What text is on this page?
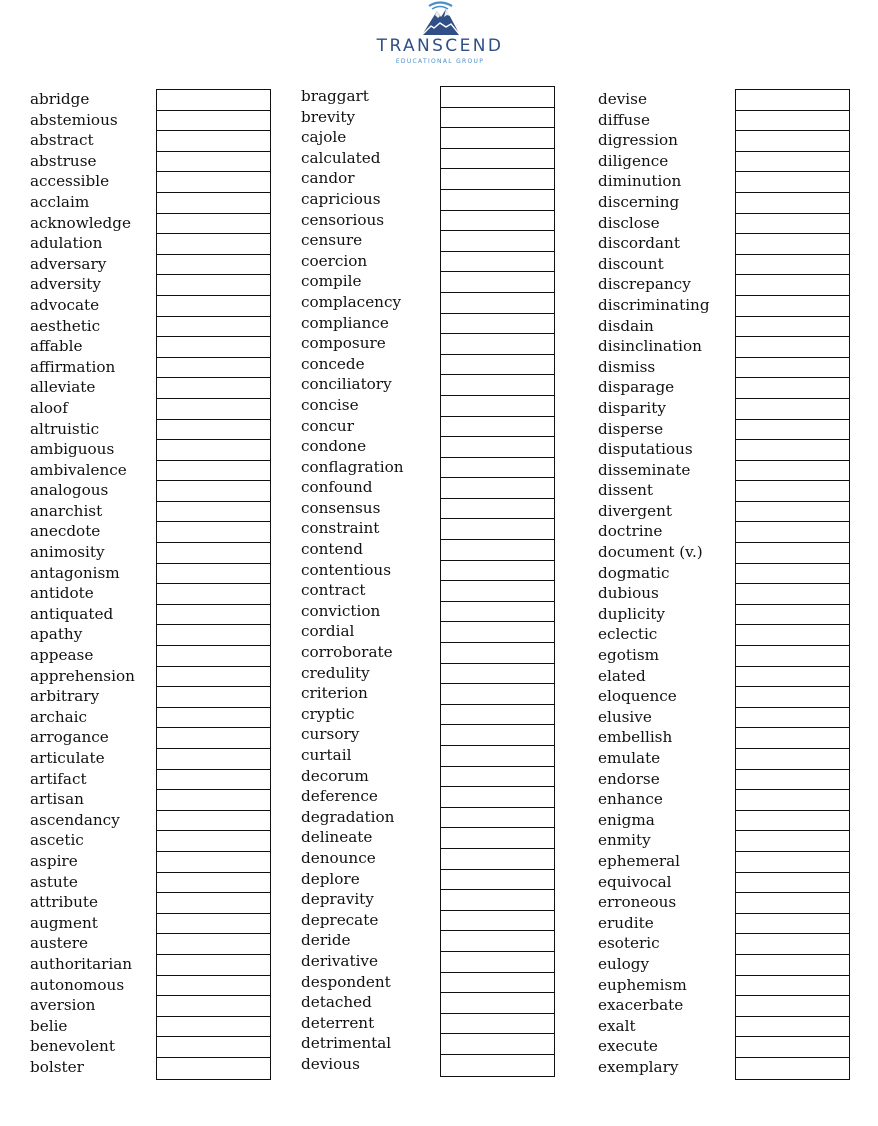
TRANSCEND
EDUCATIONAL GROUP
abridge
abstemious
abstract
abstruse
accessible
acclaim
acknowledge
adulation
adversary
adversity
advocate
aesthetic
affable
affirmation
alleviate
aloof
altruistic
ambiguous
ambivalence
analogous
anarchist
anecdote
animosity
antagonism
antidote
antiquated
apathy
appease
apprehension
arbitrary
archaic
arrogance
articulate
artifact
artisan
ascendancy
ascetic
aspire
astute
attribute
augment
austere
authoritarian
autonomous
aversion
belie
benevolent
bolster
braggart
brevity
cajole
calculated
candor
capricious
censorious
censure
coercion
compile
complacency
compliance
composure
concede
conciliatory
concise
concur
condone
conflagration
confound
consensus
constraint
contend
contentious
contract
conviction
cordial
corroborate
credulity
criterion
cryptic
cursory
curtail
decorum
deference
degradation
delineate
denounce
deplore
depravity
deprecate
deride
derivative
despondent
detached
deterrent
detrimental
devious
devise
diffuse
digression
diligence
diminution
discerning
disclose
discordant
discount
discrepancy
discriminating
disdain
disinclination
dismiss
disparage
disparity
disperse
disputatious
disseminate
dissent
divergent
doctrine
document (v.)
dogmatic
dubious
duplicity
eclectic
egotism
elated
eloquence
elusive
embellish
emulate
endorse
enhance
enigma
enmity
ephemeral
equivocal
erroneous
erudite
esoteric
eulogy
euphemism
exacerbate
exalt
execute
exemplary
